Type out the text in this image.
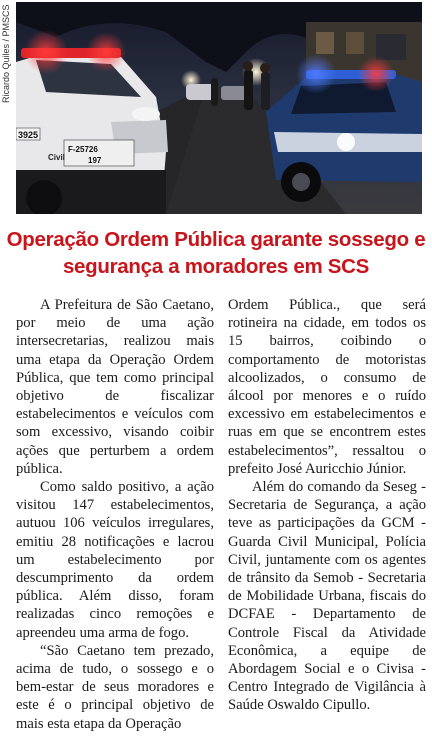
Ricardo Quiles / PMSCS
3925
F-25726
197
Civil
Operação Ordem Pública garante sossego e segurança a moradores em SCS

A Prefeitura de São Caetano, por meio de uma ação intersecretarias, realizou mais uma etapa da Operação Ordem Pública, que tem como principal objetivo de fiscalizar estabelecimentos e veículos com som excessivo, visando coibir ações que perturbem a ordem pública.

Como saldo positivo, a ação visitou 147 estabelecimentos, autuou 106 veículos irregulares, emitiu 28 notificações e lacrou um estabelecimento por descumprimento da ordem pública. Além disso, foram realizadas cinco remoções e apreendeu uma arma de fogo.

“São Caetano tem prezado, acima de tudo, o sossego e o bem-estar de seus moradores e este é o principal objetivo de mais esta etapa da Operação

Ordem Pública., que será rotineira na cidade, em todos os 15 bairros, coibindo o comportamento de motoristas alcoolizados, o consumo de álcool por menores e o ruído excessivo em estabelecimentos e ruas em que se encontrem estes estabelecimentos”, ressaltou o prefeito José Auricchio Júnior.

Além do comando da Seseg - Secretaria de Segurança, a ação teve as participações da GCM - Guarda Civil Municipal, Polícia Civil, juntamente com os agentes de trânsito da Semob - Secretaria de Mobilidade Urbana, fiscais do DCFAE - Departamento de Controle Fiscal da Atividade Econômica, a equipe de Abordagem Social e o Civisa - Centro Integrado de Vigilância à Saúde Oswaldo Cipullo.
